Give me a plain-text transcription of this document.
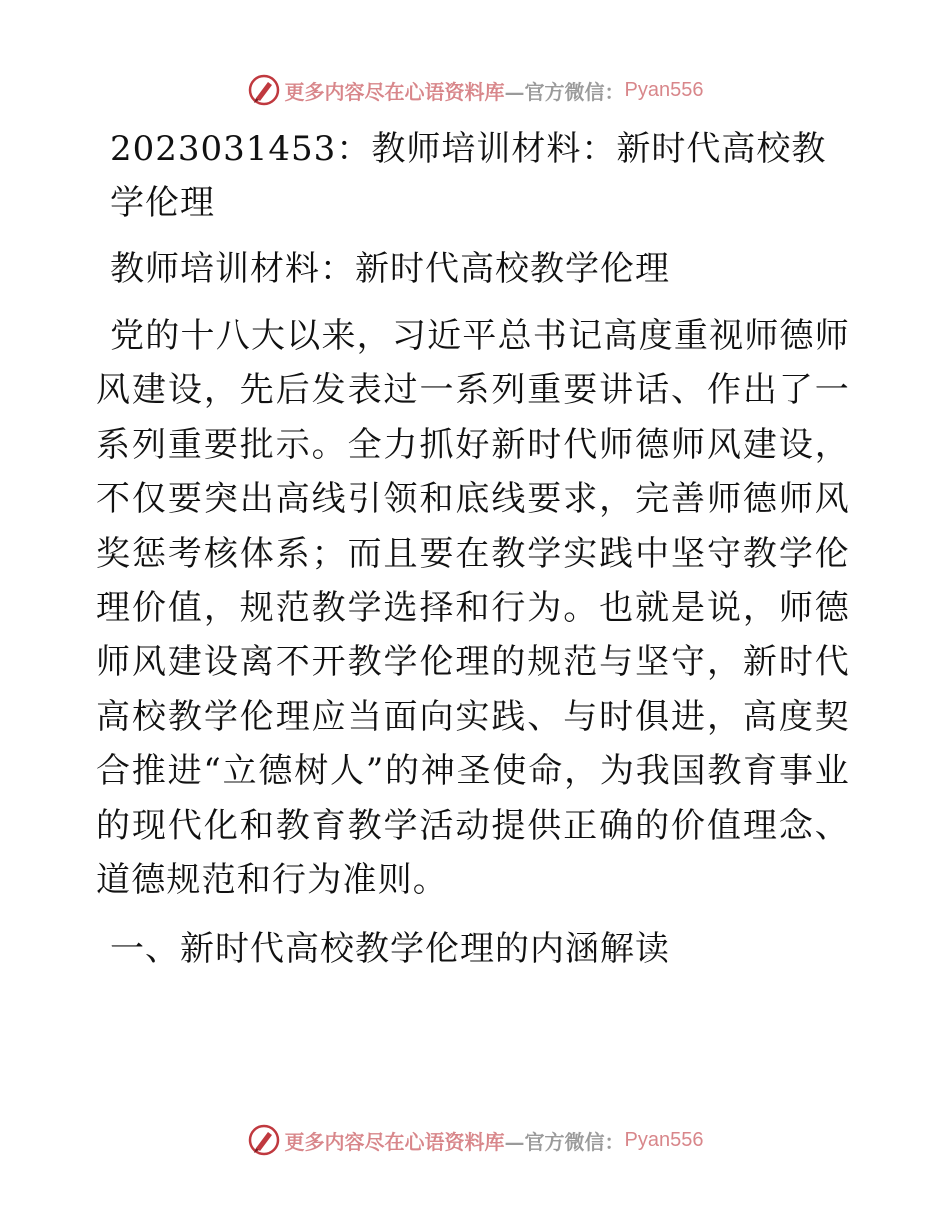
更多内容尽在心语资料库 —官方微信： Pyan556

2023031453：教师培训材料：新时代高校教学伦理

教师培训材料：新时代高校教学伦理

党的十八大以来，习近平总书记高度重视师德师风建设，先后发表过一系列重要讲话、作出了一系列重要批示。全力抓好新时代师德师风建设，不仅要突出高线引领和底线要求，完善师德师风奖惩考核体系；而且要在教学实践中坚守教学伦理价值，规范教学选择和行为。也就是说，师德师风建设离不开教学伦理的规范与坚守，新时代高校教学伦理应当面向实践、与时俱进，高度契合推进“立德树人”的神圣使命，为我国教育事业的现代化和教育教学活动提供正确的价值理念、道德规范和行为准则。

一、新时代高校教学伦理的内涵解读

更多内容尽在心语资料库 —官方微信： Pyan556
